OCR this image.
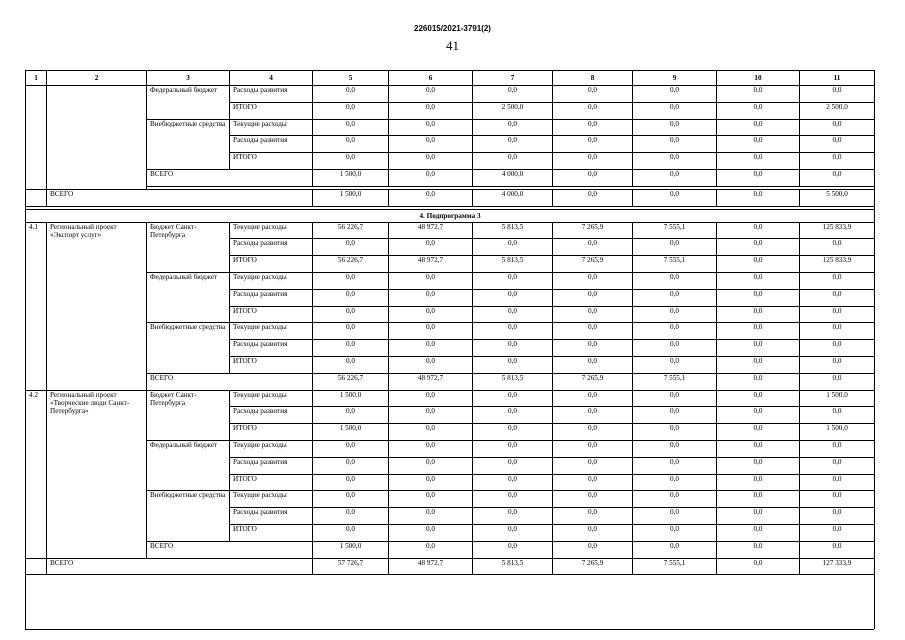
226015/2021-3791(2)
41
1	2	3	4	5	6	7	8	9	10	11
		Федеральный бюджет	Расходы развития	0,0	0,0	0,0	0,0	0,0	0,0	0,0
			ИТОГО	0,0	0,0	2 500,0	0,0	0,0	0,0	2 500,0
		Внебюджетные средства	Текущие расходы	0,0	0,0	0,0	0,0	0,0	0,0	0,0
			Расходы развития	0,0	0,0	0,0	0,0	0,0	0,0	0,0
			ИТОГО	0,0	0,0	0,0	0,0	0,0	0,0	0,0
		ВСЕГО		1 500,0	0,0	4 000,0	0,0	0,0	0,0	0,0

	ВСЕГО			1 500,0	0,0	4 000,0	0,0	0,0	0,0	5 500,0

4. Подпрограмма 3										
4.1	Региональный проект «Экспорт услуг»	Бюджет Санкт-Петербурга	Текущие расходы	56 226,7	48 972,7	5 813,5	7 265,9	7 555,1	0,0	125 833,9
			Расходы развития	0,0	0,0	0,0	0,0	0,0	0,0	0,0
			ИТОГО	56 226,7	48 972,7	5 813,5	7 265,9	7 555,1	0,0	125 833,9
		Федеральный бюджет	Текущие расходы	0,0	0,0	0,0	0,0	0,0	0,0	0,0
			Расходы развития	0,0	0,0	0,0	0,0	0,0	0,0	0,0
			ИТОГО	0,0	0,0	0,0	0,0	0,0	0,0	0,0
		Внебюджетные средства	Текущие расходы	0,0	0,0	0,0	0,0	0,0	0,0	0,0
			Расходы развития	0,0	0,0	0,0	0,0	0,0	0,0	0,0
			ИТОГО	0,0	0,0	0,0	0,0	0,0	0,0	0,0
		ВСЕГО		56 226,7	48 972,7	5 813,5	7 265,9	7 555,1	0,0	0,0
4.2	Региональный проект «Творческие люди Санкт-Петербурга»	Бюджет Санкт-Петербурга	Текущие расходы	1 500,0	0,0	0,0	0,0	0,0	0,0	1 500,0
			Расходы развития	0,0	0,0	0,0	0,0	0,0	0,0	0,0
			ИТОГО	1 500,0	0,0	0,0	0,0	0,0	0,0	1 500,0
		Федеральный бюджет	Текущие расходы	0,0	0,0	0,0	0,0	0,0	0,0	0,0
			Расходы развития	0,0	0,0	0,0	0,0	0,0	0,0	0,0
			ИТОГО	0,0	0,0	0,0	0,0	0,0	0,0	0,0
		Внебюджетные средства	Текущие расходы	0,0	0,0	0,0	0,0	0,0	0,0	0,0
			Расходы развития	0,0	0,0	0,0	0,0	0,0	0,0	0,0
			ИТОГО	0,0	0,0	0,0	0,0	0,0	0,0	0,0
		ВСЕГО		1 500,0	0,0	0,0	0,0	0,0	0,0	0,0
	ВСЕГО			57 726,7	48 972,7	5 813,5	7 265,9	7 555,1	0,0	127 333,9
